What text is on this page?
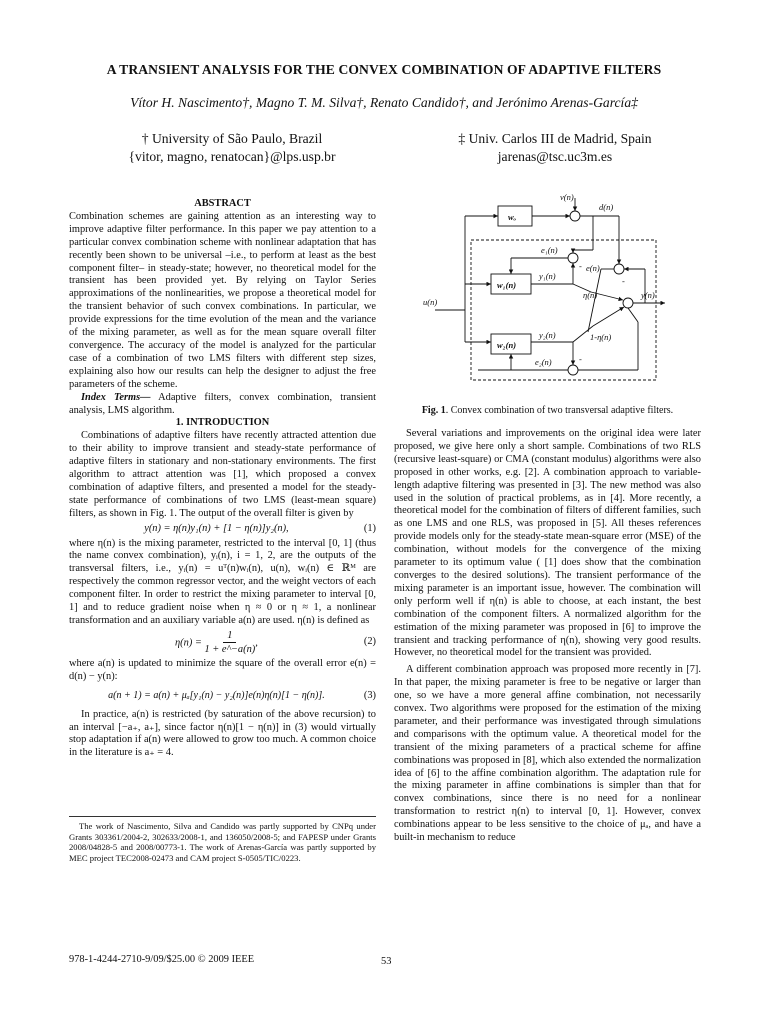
A TRANSIENT ANALYSIS FOR THE CONVEX COMBINATION OF ADAPTIVE FILTERS
Vítor H. Nascimento†, Magno T. M. Silva†, Renato Candido†, and Jerónimo Arenas-García‡
† University of São Paulo, Brazil
{vitor, magno, renatocan}@lps.usp.br
‡ Univ. Carlos III de Madrid, Spain
jarenas@tsc.uc3m.es

ABSTRACT

Combination schemes are gaining attention as an interesting way to improve adaptive filter performance. In this paper we pay attention to a particular convex combination scheme with nonlinear adaptation that has recently been shown to be universal –i.e., to perform at least as the best component filter– in steady-state; however, no theoretical model for the transient has been provided yet. By relying on Taylor Series approximations of the nonlinearities, we propose a theoretical model for the transient behavior of such convex combinations. In particular, we provide expressions for the time evolution of the mean and the variance of the mixing parameter, as well as for the mean square overall filter convergence. The accuracy of the model is analyzed for the particular case of a combination of two LMS filters with different step sizes, explaining also how our results can help the designer to adjust the free parameters of the scheme.

Index Terms— Adaptive filters, convex combination, transient analysis, LMS algorithm.

1. INTRODUCTION

Combinations of adaptive filters have recently attracted attention due to their ability to improve transient and steady-state performance of adaptive filters in stationary and non-stationary environments. The first algorithm to attract attention was [1], which proposed a convex combination of adaptive filters, and presented a model for the steady-state performance of combinations of two LMS (least-mean square) filters, as shown in Fig. 1. The output of the overall filter is given by

y(n) = η(n)y₁(n) + [1 − η(n)]y₂(n),	(1)

where η(n) is the mixing parameter, restricted to the interval [0, 1] (thus the name convex combination), yᵢ(n), i = 1, 2, are the outputs of the transversal filters, i.e., yᵢ(n) = uᵀ(n)wᵢ(n), u(n), wᵢ(n) ∈ ℝᴹ are respectively the common regressor vector, and the weight vectors of each component filter. In order to restrict the mixing parameter to interval [0, 1] and to reduce gradient noise when η ≈ 0 or η ≈ 1, a nonlinear transformation and an auxiliary variable a(n) are used. η(n) is defined as

$\eta(n) = \frac{1}{1 + e\^{}-a(n)}$ ,	(2)

where a(n) is updated to minimize the square of the overall error e(n) = d(n) − y(n):

a(n + 1) = a(n) + μₐ[y₁(n) − y₂(n)]e(n)η(n)[1 − η(n)].	(3)

In practice, a(n) is restricted (by saturation of the above recursion) to an interval [−a₊, a₊], since factor η(n)[1 − η(n)] in (3) would virtually stop adaptation if a(n) were allowed to grow too much. A common choice in the literature is a₊ = 4.

The work of Nascimento, Silva and Candido was partly supported by CNPq under Grants 303361/2004-2, 302633/2008-1, and 136050/2008-5; and FAPESP under Grants 2008/04828-5 and 2008/00773-1. The work of Arenas-García was partly supported by MEC project TEC2008-02473 and CAM project S-0505/TIC/0223.

978-1-4244-2710-9/09/$25.00 © 2009 IEEE	53
v(n)
wₒ
d(n)
e₁(n)
e(n)
w₁(n)
y₁(n)
η(n)
u(n)
y(n)
w₂(n)
y₂(n)	1-η(n)
e₂(n)
-
-
-
Fig. 1. Convex combination of two transversal adaptive filters.

Several variations and improvements on the original idea were later proposed, we give here only a short sample. Combinations of two RLS (recursive least-square) or CMA (constant modulus) algorithms were also proposed in other works, e.g. [2]. A combination approach to variable-length adaptive filtering was presented in [3]. The new method was also used in the solution of practical problems, as in [4]. More recently, a theoretical model for the combination of filters of different families, such as one LMS and one RLS, was proposed in [5]. All theses references provide models only for the steady-state mean-square error (MSE) of the combination, without models for the convergence of the mixing parameter to its optimum value ( [1] does show that the combination converges to the desired solutions). The transient performance of the mixing parameter is an important issue, however. The combination will only perform well if η(n) is able to choose, at each instant, the best combination of the component filters. A normalized algorithm for the estimation of the mixing parameter was proposed in [6] to improve the transient and tracking performance of η(n), showing very good results. However, no theoretical model for the transient was provided.

A different combination approach was proposed more recently in [7]. In that paper, the mixing parameter is free to be negative or larger than one, so we have a more general affine combination, not necessarily convex. Two algorithms were proposed for the estimation of the mixing parameter, and their performance was investigated through simulations and comparisons with the optimum value. A theoretical model for the transient of the mixing parameters of a practical scheme for affine combinations was proposed in [8], which also extended the normalization idea of [6] to the affine combination algorithm. The adaptation rule for the mixing parameter in affine combinations is simpler than that for convex combinations, since there is no need for a nonlinear transformation to restrict η(n) to interval [0, 1]. However, convex combinations appear to be less sensitive to the choice of μₐ, and have a built-in mechanism to reduce
